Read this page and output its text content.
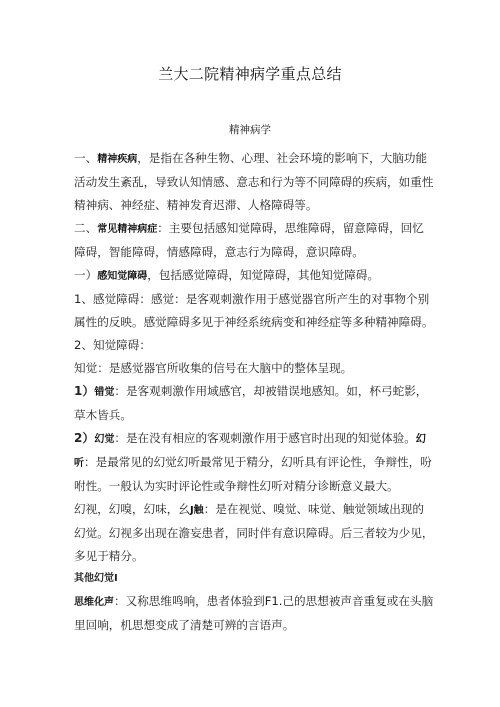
兰大二院精神病学重点总结
精神病学

一、精神疾病，是指在各种生物、心理、社会环境的影响下，大脑功能活动发生紊乱，导致认知情感、意志和行为等不同障碍的疾病，如重性精神病、神经症、精神发育迟滞、人格障碍等。

二、常见精神病症：主要包括感知觉障碍，思维障碍，留意障碍，回忆障碍，智能障碍，情感障碍，意志行为障碍，意识障碍。

一）感知觉障碍，包括感觉障碍，知觉障碍，其他知觉障碍。

1、感觉障碍：感觉：是客观刺激作用于感觉器官所产生的对事物个别属性的反映。感觉障碍多见于神经系统病变和神经症等多种精神障碍。

2、知觉障碍：

知觉：是感觉器官所收集的信号在大脑中的整体呈现。

1）错觉：是客观刺激作用域感官，却被错误地感知。如，杯弓蛇影，草木皆兵。

2）幻觉：是在没有相应的客观刺激作用于感官时出现的知觉体验。幻听：是最常见的幻觉幻听最常见于精分，幻听具有评论性，争辩性，吩咐性。一般认为实时评论性或争辩性幻听对精分诊断意义最大。

幻视，幻嗅，幻味，幺J触：是在视觉、嗅觉、味觉、触觉领域出现的幻觉。幻视多出现在澹妄患者，同时伴有意识障碍。后三者较为少见，多见于精分。

其他幻觉I

思维化声：又称思维鸣响，患者体验到F1.己的思想被声音重复或在头脑里回响，机思想变成了清楚可辨的言语声。
